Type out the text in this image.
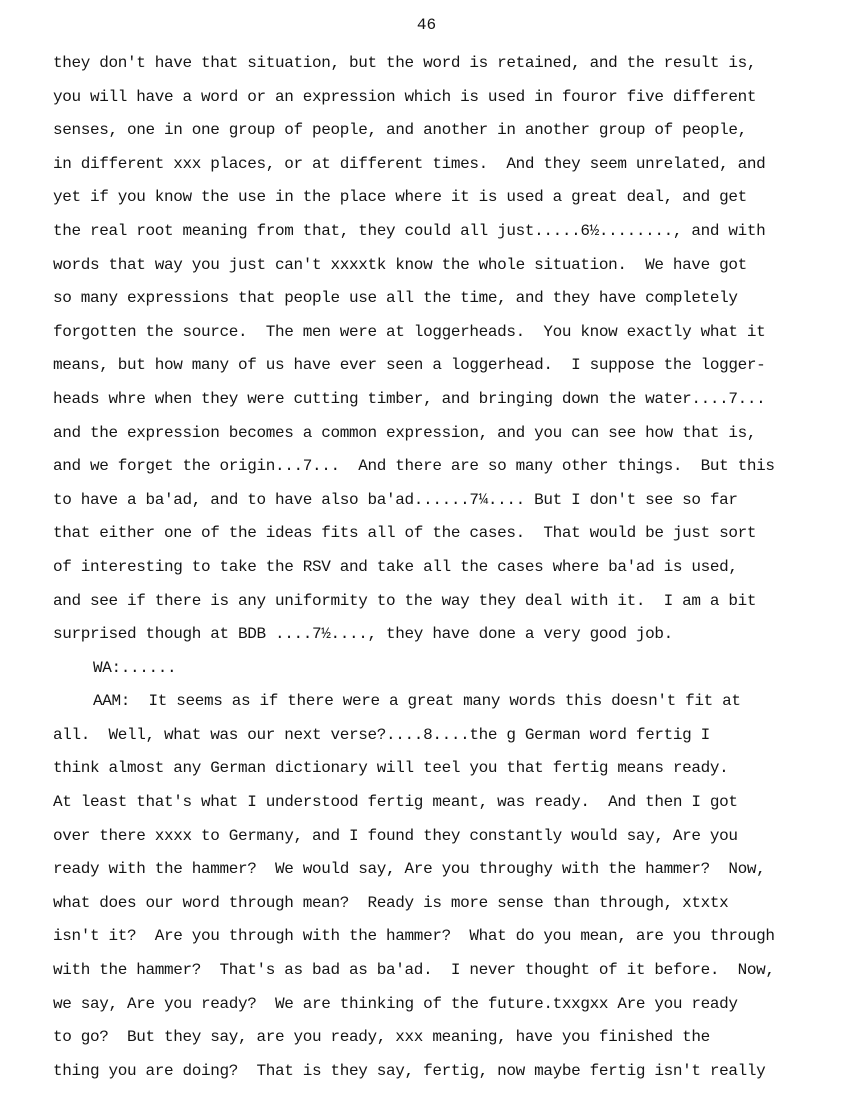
46
they don't have that situation, but the word is retained, and the result is,
you will have a word or an expression which is used in fouror five different
senses, one in one group of people, and another in another group of people,
in different xxx places, or at different times.  And they seem unrelated, and
yet if you know the use in the place where it is used a great deal, and get
the real root meaning from that, they could all just.....6½........, and with
words that way you just can't xxxxtk know the whole situation.  We have got
so many expressions that people use all the time, and they have completely
forgotten the source.  The men were at loggerheads.  You know exactly what it
means, but how many of us have ever seen a loggerhead.  I suppose the logger-
heads whre when they were cutting timber, and bringing down the water....7...
and the expression becomes a common expression, and you can see how that is,
and we forget the origin...7...  And there are so many other things.  But this
to have a ba'ad, and to have also ba'ad......7¼.... But I don't see so far
that either one of the ideas fits all of the cases.  That would be just sort
of interesting to take the RSV and take all the cases where ba'ad is used,
and see if there is any uniformity to the way they deal with it.  I am a bit
surprised though at BDB ....7½...., they have done a very good job.
WA:......
AAM:  It seems as if there were a great many words this doesn't fit at
all.  Well, what was our next verse?....8....the g German word fertig I
think almost any German dictionary will teel you that fertig means ready.
At least that's what I understood fertig meant, was ready.  And then I got
over there xxxx to Germany, and I found they constantly would say, Are you
ready with the hammer?  We would say, Are you throughy with the hammer?  Now,
what does our word through mean?  Ready is more sense than through, xtxtx
isn't it?  Are you through with the hammer?  What do you mean, are you through
with the hammer?  That's as bad as ba'ad.  I never thought of it before.  Now,
we say, Are you ready?  We are thinking of the future.txxgxx Are you ready
to go?  But they say, are you ready, xxx meaning, have you finished the
thing you are doing?  That is they say, fertig, now maybe fertig isn't really
